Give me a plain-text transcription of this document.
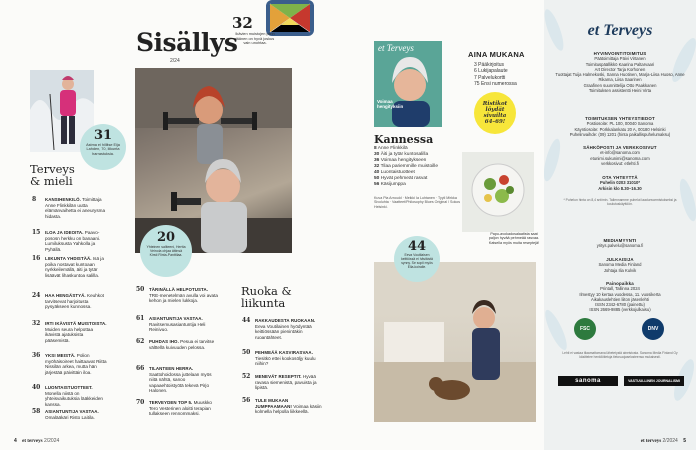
Sisällys
2/24
32
Ikävien muistojen piirin jäänen on hyvä joskus vain unohtaa.
31
Astma ei hillitse Eija Lahden, 70, liikunta harrastuksia.
20
Yhteinen saliteeni, Hertta Veinola ohjaa äitinsä Kirsti Rinta-Panttilaa.
Terveys
& mieli
8 KANSIHENKILÖ. Toimittaja Anne Flinkkilän uutta elämänvaihetta ei aneurysma hidasta.
15 ILOA JA IDEOITA. Paavo-pososn herkku on banaani. Lumiluksusta Yahkolla ja Pyhällä.
16 LIIKUNTA YHDISTÄÄ. Isä ja poika nostavat kuntoaan nyrkkeilemällä, äiti ja tytär lisäävät lihaskuntoa salilla.
24 HAA HENGÄSTYÄ. Keuhkot tarvitsevat harjoitusta pysyäkseen kunnossa.
32 IRTI IKÄVISTÄ MUISTOISTA. Muiden seura helpottaa ikävistä ajatuksista pääsemistä.
36 YKSI MEISTÄ. Polion myöhäisoireet haittaavat Riitta Nissilän arkea, mutta hän järjestää päivittäin iloa.
40 LUONTAISTUOTTEET. Monella niistä on yhteisvaikutuksia lääkkeiden kanssa.
58 ASIANTUNTIJA VASTAA. Omalääkäri Risto Laitila.
50 TÄRINÄLLÄ HELPOTUSTA. TRE-menetelmän avulla voi avata kehon ja mielen lukkoja.
61 ASIANTUNTIJA VASTAA. Ravitsemusasiantuntija Heli Reinivuo.
62 PUHDAS IHO. Pesua ei tarvitse välttellä kuivuuden pelossa.
66 TILANTEEN HERRA. Saattohoidossa juttelaan myös niitä nähtä, sanoo vapaaehtoistyötä tekevä Pirjo Halonen.
70 TERVEYDEN TOP 5. Muuskko Tero Vesterinen aloitti terapian tullakseen rennommaksi.
Ruoka &
liikunta
44 RAKKAUDESTA RUOKAAN. Eeva Voutilainen hyödyntää keittiössään pienintäkin ruoantähteet.
50 PEHMEÄÄ KASVIRASVAA. Tiesitkö ettei kookosöljy kuulu niihin?
52 MENEVÄT RESEPTIT. Hyvää ravasa siemenistä, pavuista ja lipistä.
56 TULE MUKAAN JUMPPAAMAAN! Voimaa käsiin kolmella helpolla liikkeellä.
4 et terveys 2/2024
et Terveys
Voimaa hengityksiin
AINA MUKANA
3 Pääkirjoitus
6 Lukijapalaute
7 Palvelukortti
75 Ensi numerossa
Ristikot löydät sivuilta 64–69!
Kannessa
8 Anne Flinkkilä
30 Äiti ja tytär kuntosalilla
36 Voimaa hengitykseen
32 Tilaa pariemmille muistoille
40 Luontaistuotteet
50 Hyvät pehmeät rasvat
56 Käsijumppa
Kuva Pia Arnould · Meikki Ia Luhtanen · Tyyli Mirkka Sivoluhta · Vaatteet/Philosophy Blues Original / Sokos Helsinki.
Papu-avokadosalaatista saat paljon hyvää pehmeää rasvaa. Katsella myös muita reseptejä!
44
Eeva Voutilaisen keittiössä ei hävikistä synny. Se sopii myös Ella-koiralle.
et Terveys
HYVINVOINTITOIMITUS
Päätoimittaja Päivi Virtanen
Toimituspäällikkö Kaarina Paltarvaari
Art Director Tarja Korhonen
Tuottajat Tuija Halmekoski, Sanna Huotinen, Marja-Liisa Huoso, Anne Rikama, Liisa Saarinen
Graafinen suunnittelija Otto Paakkanen
Toimituksen assistentti Heini Virta
TOIMITUKSEN YHTEYSTIEDOT
Postiosoite: PL 100, 00040 Sanoma
Käyntiosoite: Porkkalankatu 20 A, 00180 Helsinki
Puhelinvaihde: (09) 1201 (hinta paikallispuhelumaksu)
SÄHKÖPOSTI JA VERKKOSIVUT
et-info@sanoma.com
etunimi.sukunimi@sanoma.com
verkkosivut: etlehti.fi
OTA YHTEYTTÄ
Puhelin 0203 31010*
Arkisin klo 8.30–16.30
* Puhelun hinta on 8,4 snt/min. Tallennamme puhelut laadunvarmistukseksi ja koulutuskäyttöön.
MEDIAMYYNTI
yritys.palvelu@sanoma.fi
JULKAISIJA
Sanoma Media Finland
Johtaja Ilia Kulvik
Painopaikka
Printall, Tallinna 2024
Ilmestyy 10 kertaa vuodessa, 11. vuosikerta
Aikakauslehtien liiton jäsenlehti
ISSN 2342-6780 (painettu)
ISSN 2669-9885 (verkkojulkaisu)
FSC	DNV
Lehti ei vastaa tilaamattomana lähetetystä aineistosta. Sanoma Media Finland Oy käsittelee henkilötietoja tietosuojaselosteensa mukaisesti.
sanoma	VASTUULLINEN JOURNALISMI
et terveys 2/2024 5
